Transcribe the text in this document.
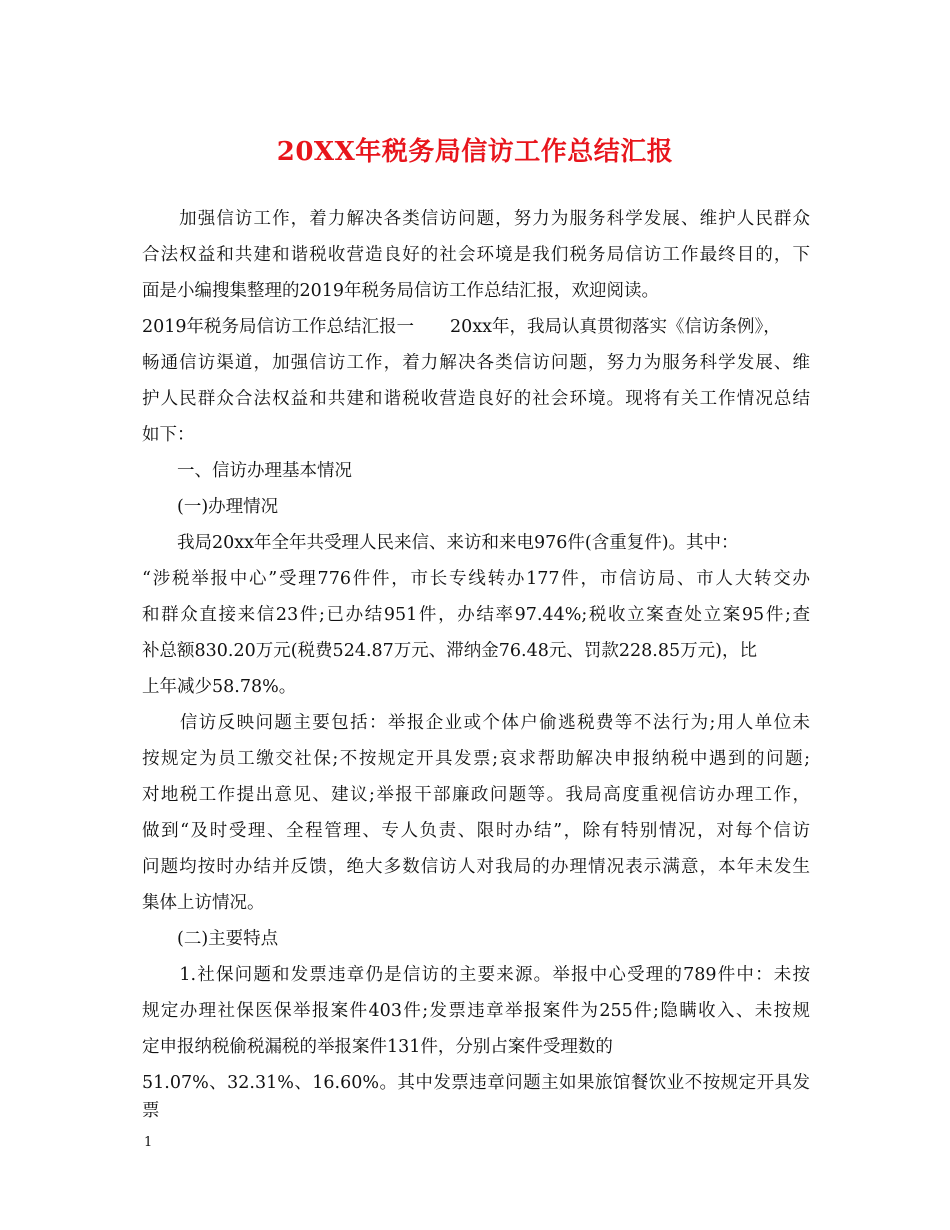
20XX年税务局信访工作总结汇报
　　加强信访工作，着力解决各类信访问题，努力为服务科学发展、维护人民群众
合法权益和共建和谐税收营造良好的社会环境是我们税务局信访工作最终目的，下
面是小编搜集整理的2019年税务局信访工作总结汇报，欢迎阅读。
2019年税务局信访工作总结汇报一 20xx年，我局认真贯彻落实《信访条例》，
畅通信访渠道，加强信访工作，着力解决各类信访问题，努力为服务科学发展、维
护人民群众合法权益和共建和谐税收营造良好的社会环境。现将有关工作情况总结
如下：
　　一、信访办理基本情况
　　(一)办理情况
　　我局20xx年全年共受理人民来信、来访和来电976件(含重复件)。其中：
“涉税举报中心”受理776件件，市长专线转办177件，市信访局、市人大转交办
和群众直接来信23件;已办结951件，办结率97.44%;税收立案查处立案95件;查
补总额830.20万元(税费524.87万元、滞纳金76.48元、罚款228.85万元)，比
上年减少58.78%。
　　信访反映问题主要包括：举报企业或个体户偷逃税费等不法行为;用人单位未
按规定为员工缴交社保;不按规定开具发票;哀求帮助解决申报纳税中遇到的问题;
对地税工作提出意见、建议;举报干部廉政问题等。我局高度重视信访办理工作，
做到“及时受理、全程管理、专人负责、限时办结”，除有特别情况，对每个信访
问题均按时办结并反馈，绝大多数信访人对我局的办理情况表示满意，本年未发生
集体上访情况。
　　(二)主要特点
　　1.社保问题和发票违章仍是信访的主要来源。举报中心受理的789件中：未按
规定办理社保医保举报案件403件;发票违章举报案件为255件;隐瞒收入、未按规
定申报纳税偷税漏税的举报案件131件，分别占案件受理数的
51.07%、32.31%、16.60%。其中发票违章问题主如果旅馆餐饮业不按规定开具发票
1
